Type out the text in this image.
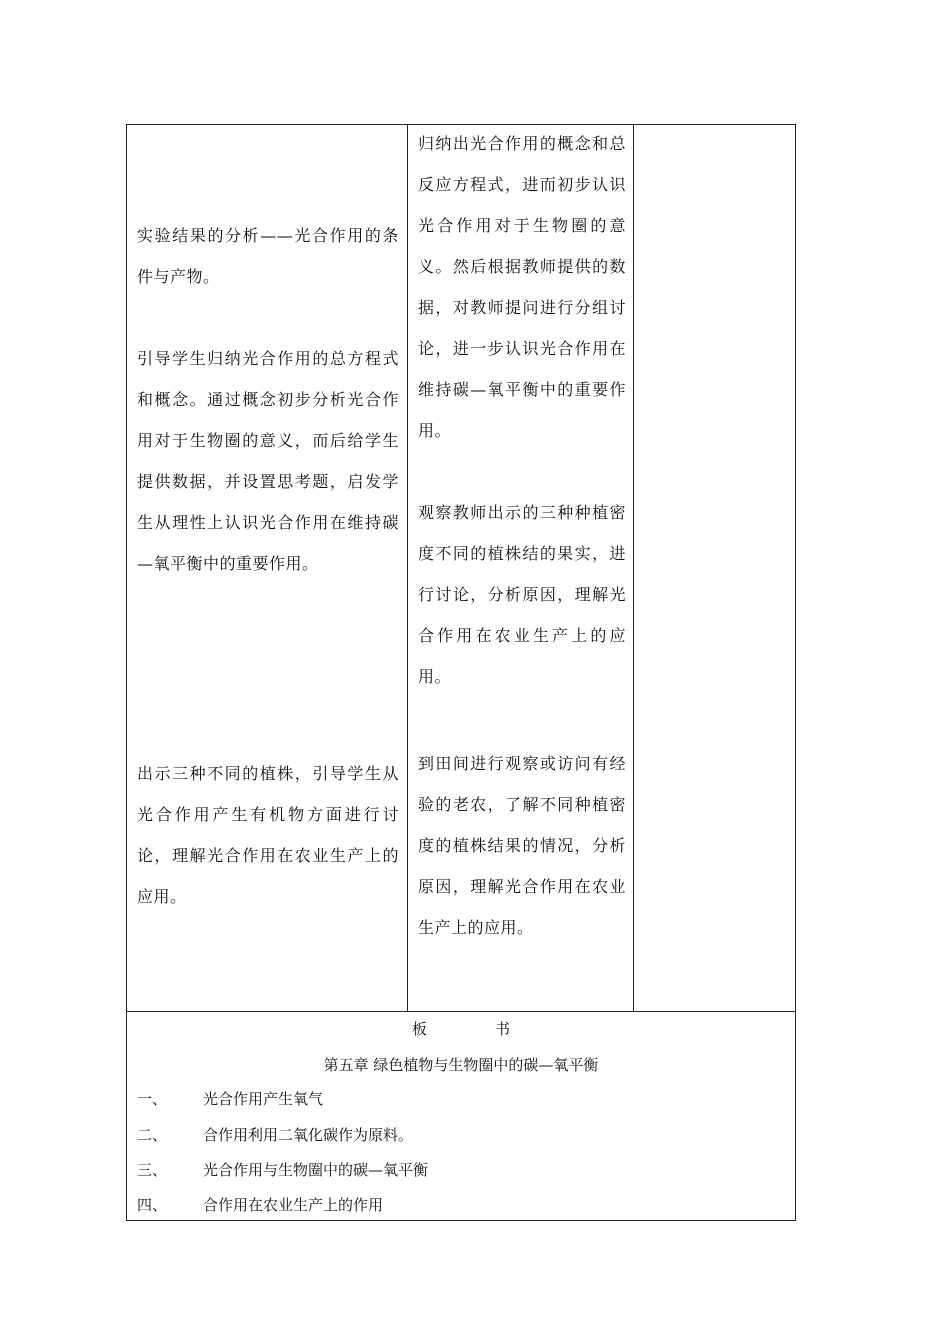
实验结果的分析——光合作用的条件与产物。
引导学生归纳光合作用的总方程式和概念。通过概念初步分析光合作用对于生物圈的意义，而后给学生提供数据，并设置思考题，启发学生从理性上认识光合作用在维持碳—氧平衡中的重要作用。
出示三种不同的植株，引导学生从光合作用产生有机物方面进行讨论，理解光合作用在农业生产上的应用。
归纳出光合作用的概念和总反应方程式，进而初步认识光合作用对于生物圈的意义。然后根据教师提供的数据，对教师提问进行分组讨论，进一步认识光合作用在维持碳—氧平衡中的重要作用。
观察教师出示的三种种植密度不同的植株结的果实，进行讨论，分析原因，理解光合作用在农业生产上的应用。
到田间进行观察或访问有经验的老农，了解不同种植密度的植株结果的情况，分析原因，理解光合作用在农业生产上的应用。
板	书
第五章 绿色植物与生物圈中的碳—氧平衡
一、 光合作用产生氧气
二、 合作用利用二氧化碳作为原料。
三、 光合作用与生物圈中的碳—氧平衡
四、 合作用在农业生产上的作用
